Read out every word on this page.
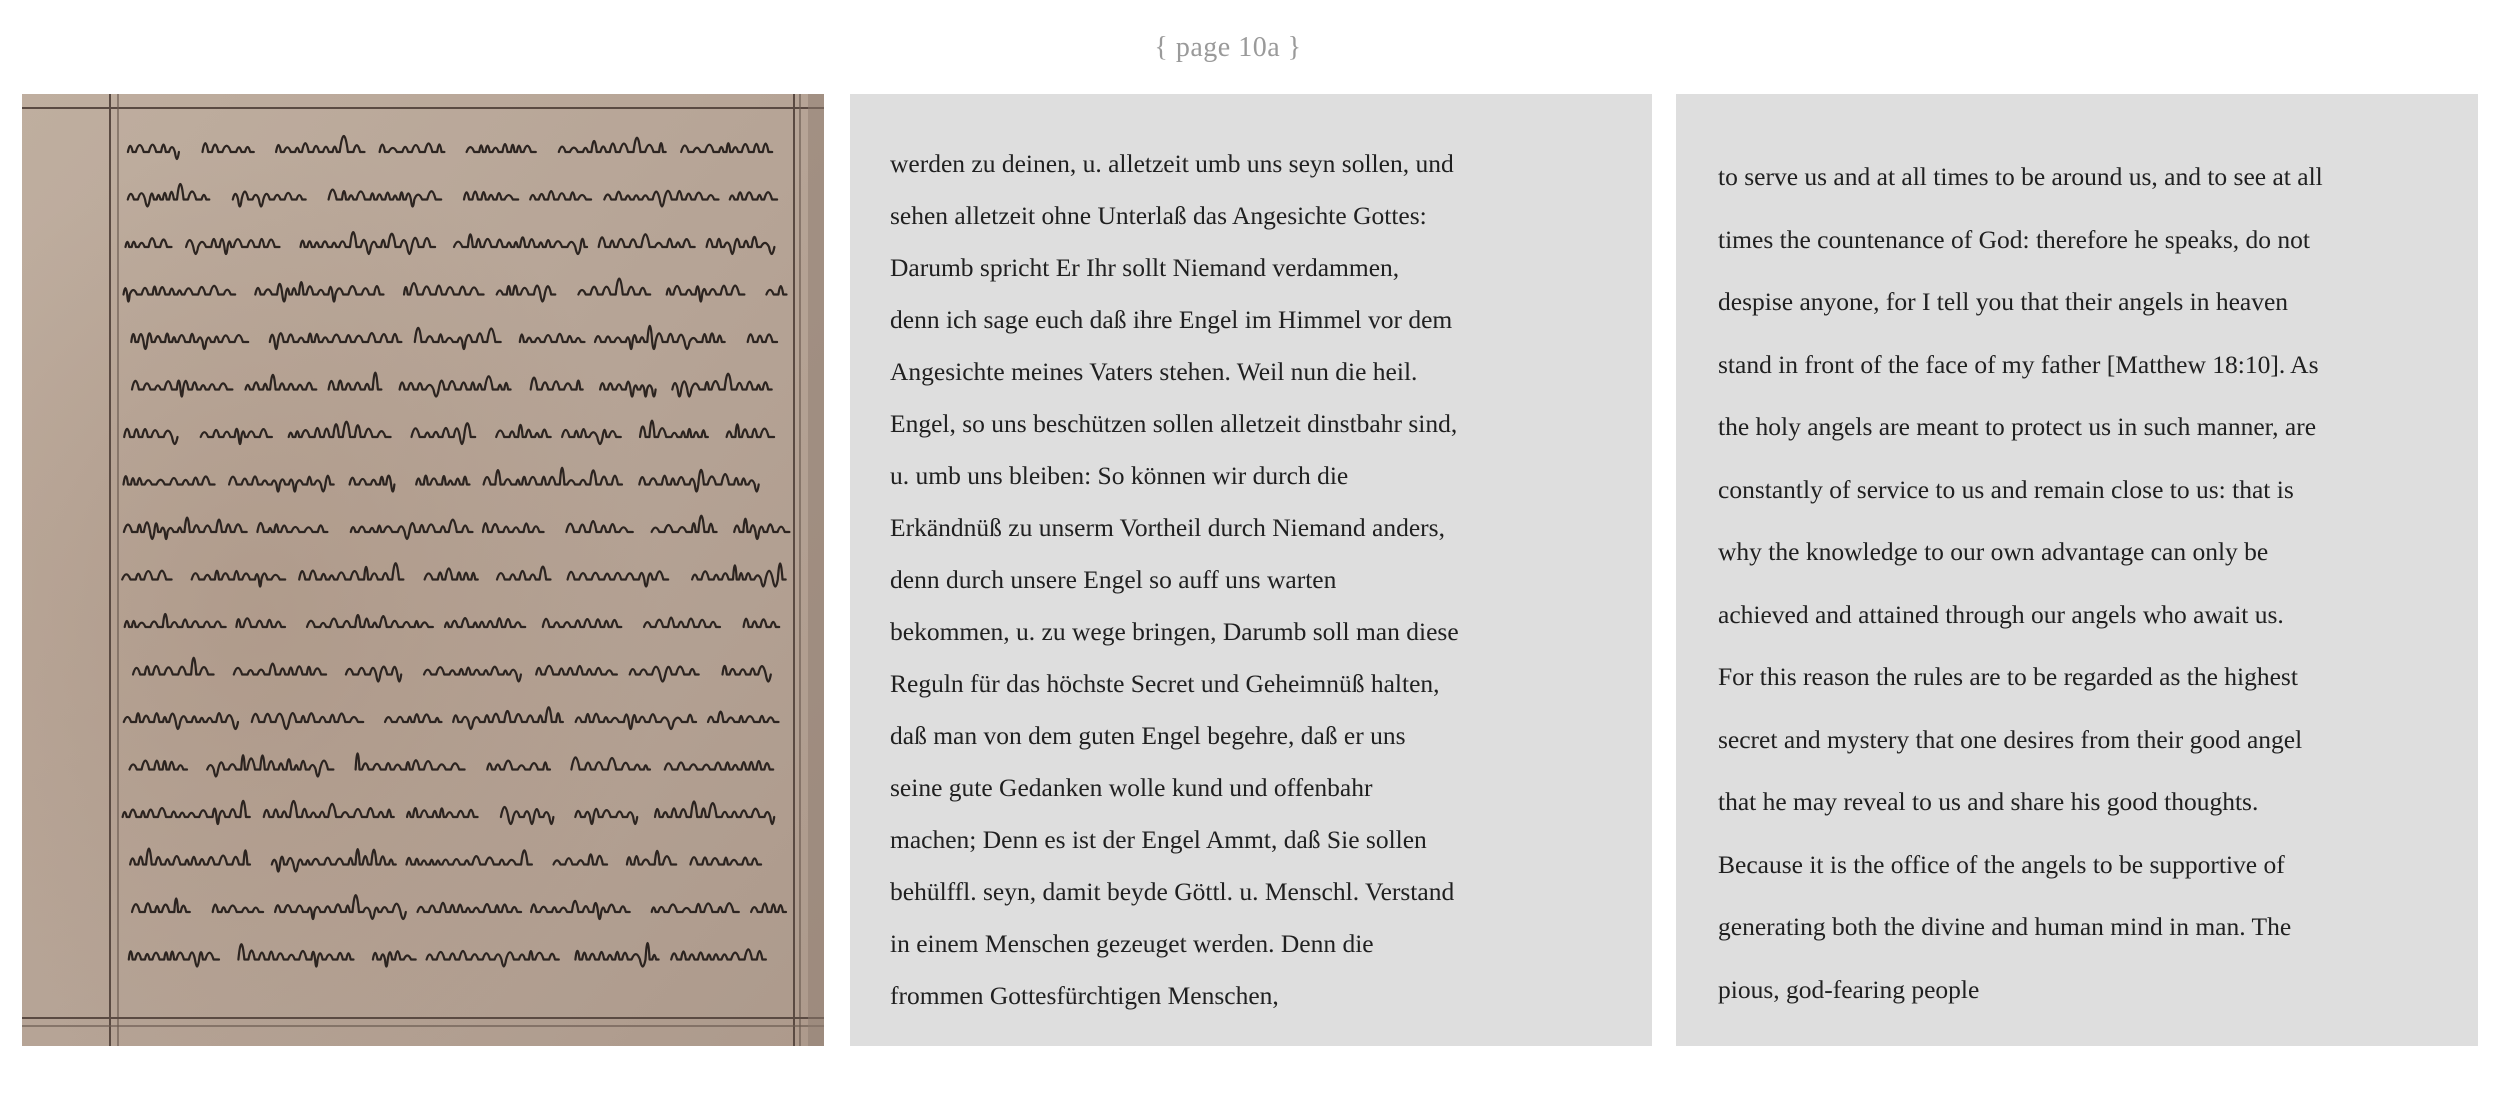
{ page 10a }
werden zu deinen, u. alletzeit umb uns seyn sollen, und
sehen alletzeit ohne Unterlaß das Angesichte Gottes:
Darumb spricht Er Ihr sollt Niemand verdammen,
denn ich sage euch daß ihre Engel im Himmel vor dem
Angesichte meines Vaters stehen. Weil nun die heil.
Engel, so uns beschützen sollen alletzeit dinstbahr sind,
u. umb uns bleiben: So können wir durch die
Erkändnüß zu unserm Vortheil durch Niemand anders,
denn durch unsere Engel so auff uns warten
bekommen, u. zu wege bringen, Darumb soll man diese
Reguln für das höchste Secret und Geheimnüß halten,
daß man von dem guten Engel begehre, daß er uns
seine gute Gedanken wolle kund und offenbahr
machen; Denn es ist der Engel Ammt, daß Sie sollen
behülffl. seyn, damit beyde Göttl. u. Menschl. Verstand
in einem Menschen gezeuget werden. Denn die
frommen Gottesfürchtigen Menschen,
to serve us and at all times to be around us, and to see at all
times the countenance of God: therefore he speaks, do not
despise anyone, for I tell you that their angels in heaven
stand in front of the face of my father [Matthew 18:10]. As
the holy angels are meant to protect us in such manner, are
constantly of service to us and remain close to us: that is
why the knowledge to our own advantage can only be
achieved and attained through our angels who await us.
For this reason the rules are to be regarded as the highest
secret and mystery that one desires from their good angel
that he may reveal to us and share his good thoughts.
Because it is the office of the angels to be supportive of
generating both the divine and human mind in man. The
pious, god-fearing people
